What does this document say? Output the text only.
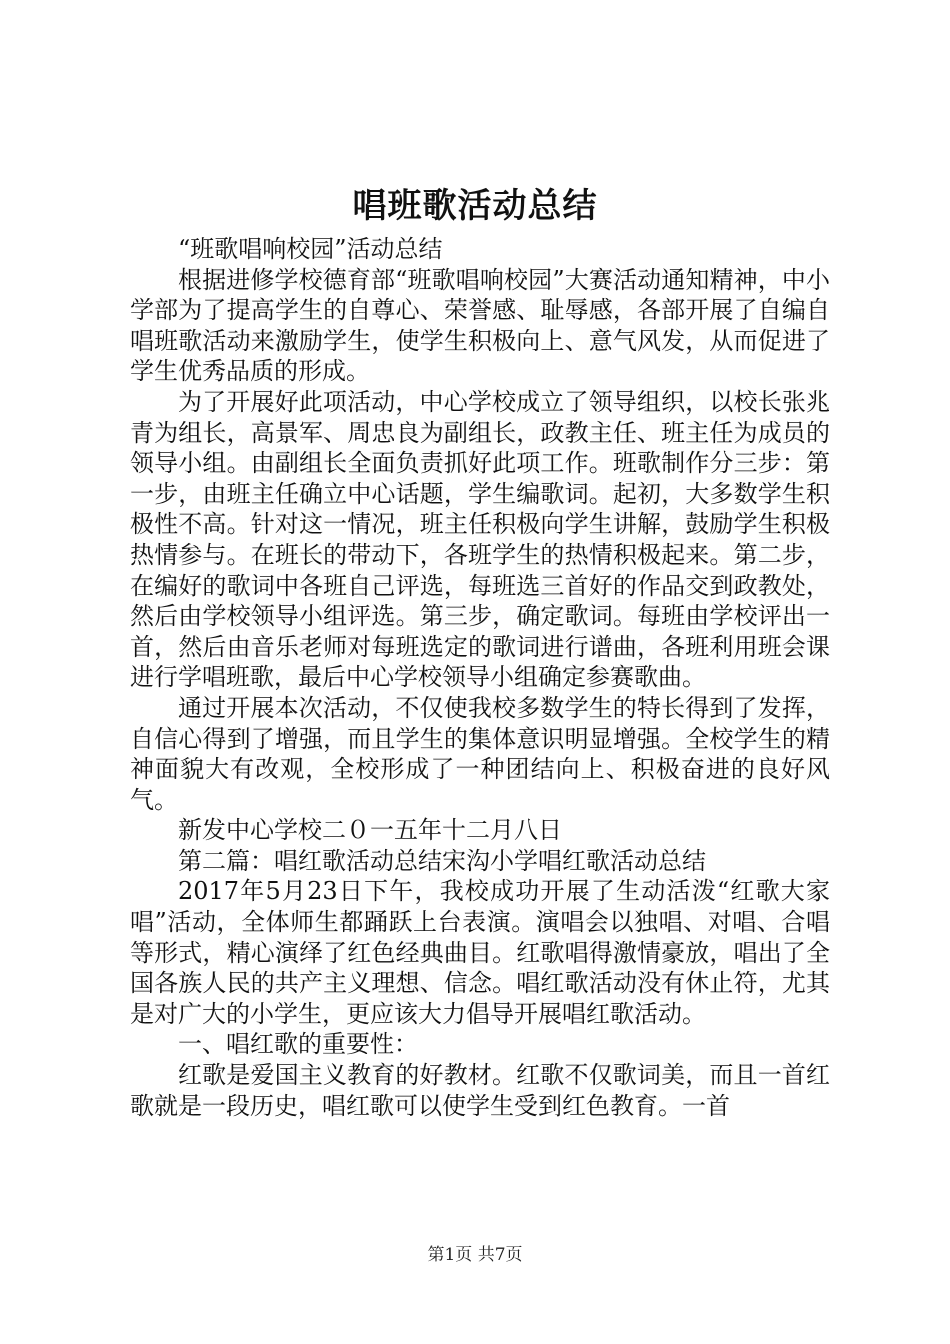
唱班歌活动总结

“班歌唱响校园”活动总结

根据进修学校德育部“班歌唱响校园”大赛活动通知精神，中小学部为了提高学生的自尊心、荣誉感、耻辱感，各部开展了自编自唱班歌活动来激励学生，使学生积极向上、意气风发，从而促进了学生优秀品质的形成。

为了开展好此项活动，中心学校成立了领导组织，以校长张兆青为组长，高景军、周忠良为副组长，政教主任、班主任为成员的领导小组。由副组长全面负责抓好此项工作。班歌制作分三步：第一步，由班主任确立中心话题，学生编歌词。起初，大多数学生积极性不高。针对这一情况，班主任积极向学生讲解，鼓励学生积极热情参与。在班长的带动下，各班学生的热情积极起来。第二步，在编好的歌词中各班自己评选，每班选三首好的作品交到政教处，然后由学校领导小组评选。第三步，确定歌词。每班由学校评出一首，然后由音乐老师对每班选定的歌词进行谱曲，各班利用班会课进行学唱班歌，最后中心学校领导小组确定参赛歌曲。

通过开展本次活动，不仅使我校多数学生的特长得到了发挥，自信心得到了增强，而且学生的集体意识明显增强。全校学生的精神面貌大有改观，全校形成了一种团结向上、积极奋进的良好风气。

新发中心学校二０一五年十二月八日

第二篇：唱红歌活动总结宋沟小学唱红歌活动总结

2017年5月23日下午，我校成功开展了生动活泼“红歌大家唱”活动，全体师生都踊跃上台表演。演唱会以独唱、对唱、合唱等形式，精心演绎了红色经典曲目。红歌唱得激情豪放，唱出了全国各族人民的共产主义理想、信念。唱红歌活动没有休止符，尤其是对广大的小学生，更应该大力倡导开展唱红歌活动。

一、唱红歌的重要性：

红歌是爱国主义教育的好教材。红歌不仅歌词美，而且一首红歌就是一段历史，唱红歌可以使学生受到红色教育。一首

第1页 共7页
